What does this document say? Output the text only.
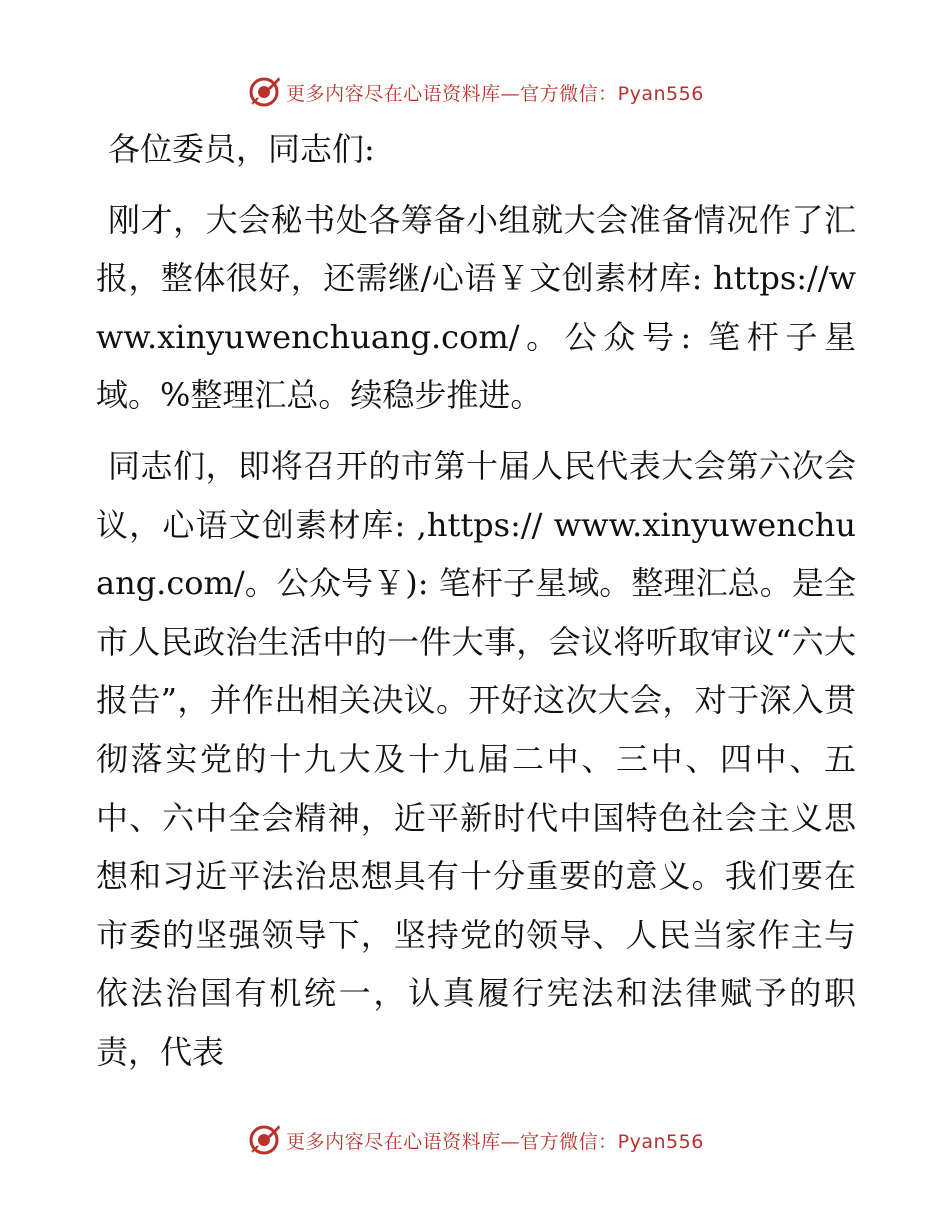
更多内容尽在心语资料库—官方微信：Pyan556

各位委员，同志们:

刚才，大会秘书处各筹备小组就大会准备情况作了汇报，整体很好，还需继/心语￥文创素材库: https://www.xinyuwenchuang.com/。公众号: 笔杆子星域。%整理汇总。续稳步推进。

同志们，即将召开的市第十届人民代表大会第六次会议，心语文创素材库: ,https:// www.xinyuwenchuang.com/。公众号￥): 笔杆子星域。整理汇总。是全市人民政治生活中的一件大事，会议将听取审议“六大报告”，并作出相关决议。开好这次大会，对于深入贯彻落实党的十九大及十九届二中、三中、四中、五中、六中全会精神，近平新时代中国特色社会主义思想和习近平法治思想具有十分重要的意义。我们要在市委的坚强领导下，坚持党的领导、人民当家作主与依法治国有机统一，认真履行宪法和法律赋予的职责，代表

更多内容尽在心语资料库—官方微信：Pyan556
